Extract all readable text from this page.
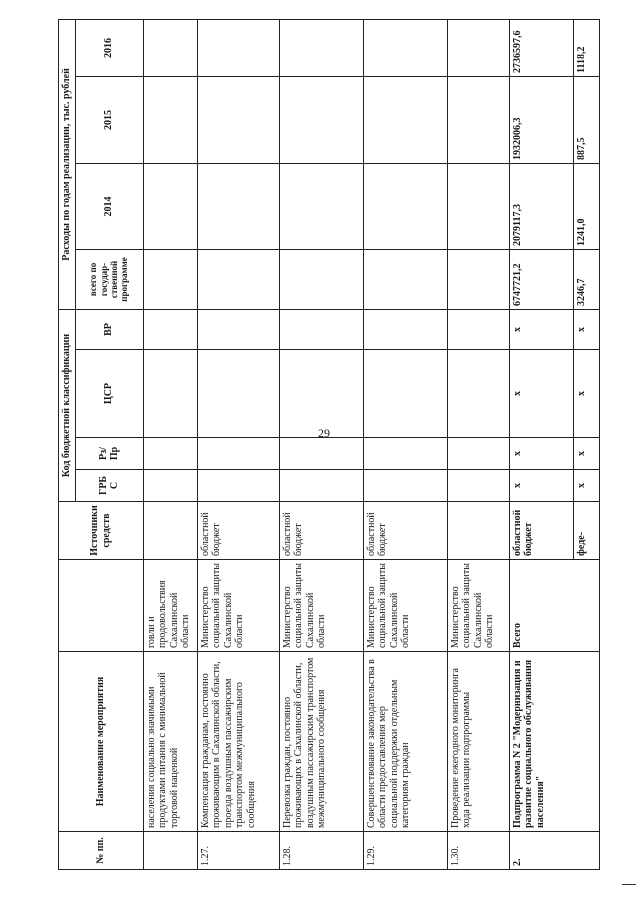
29
№ пп.	Наименование мероприятия		Источники средств	Код бюджетной классификации				Расходы по годам реализации, тыс. рублей			
				ГРБ С	Рз/ Пр	ЦСР	ВР	всего по государ- ственной программе	2014	2015	2016
	населения социально значимыми продуктами питания с минимальной торговой наценкой	говли и продовольствия Сахалинской области									
1.27.	Компенсация гражданам, постоянно проживающим в Сахалинской области, проезда воздушным пассажирским транспортом межмуниципального сообщения	Министерство социальной защиты Сахалинской области	областной бюджет								
1.28.	Перевозка граждан, постоянно проживающих в Сахалинской области, воздушным пассажирским транспортом межмуниципального сообщения	Министерство социальной защиты Сахалинской области	областной бюджет								
1.29.	Совершенствование законодательства в области предоставления мер социальной поддержки отдельным категориям граждан	Министерство социальной защиты Сахалинской области	областной бюджет								
1.30.	Проведение ежегодного мониторинга хода реализации подпрограммы	Министерство социальной защиты Сахалинской области									
2.	Подпрограмма N 2 "Модернизация и развитие социального обслуживания населения"	Всего	областной бюджет	х	х	х	х	6747721,2	2079117,3	1932006,3	2736597,6
			феде-	х	х	х	х	3246,7	1241,0	887,5	1118,2
